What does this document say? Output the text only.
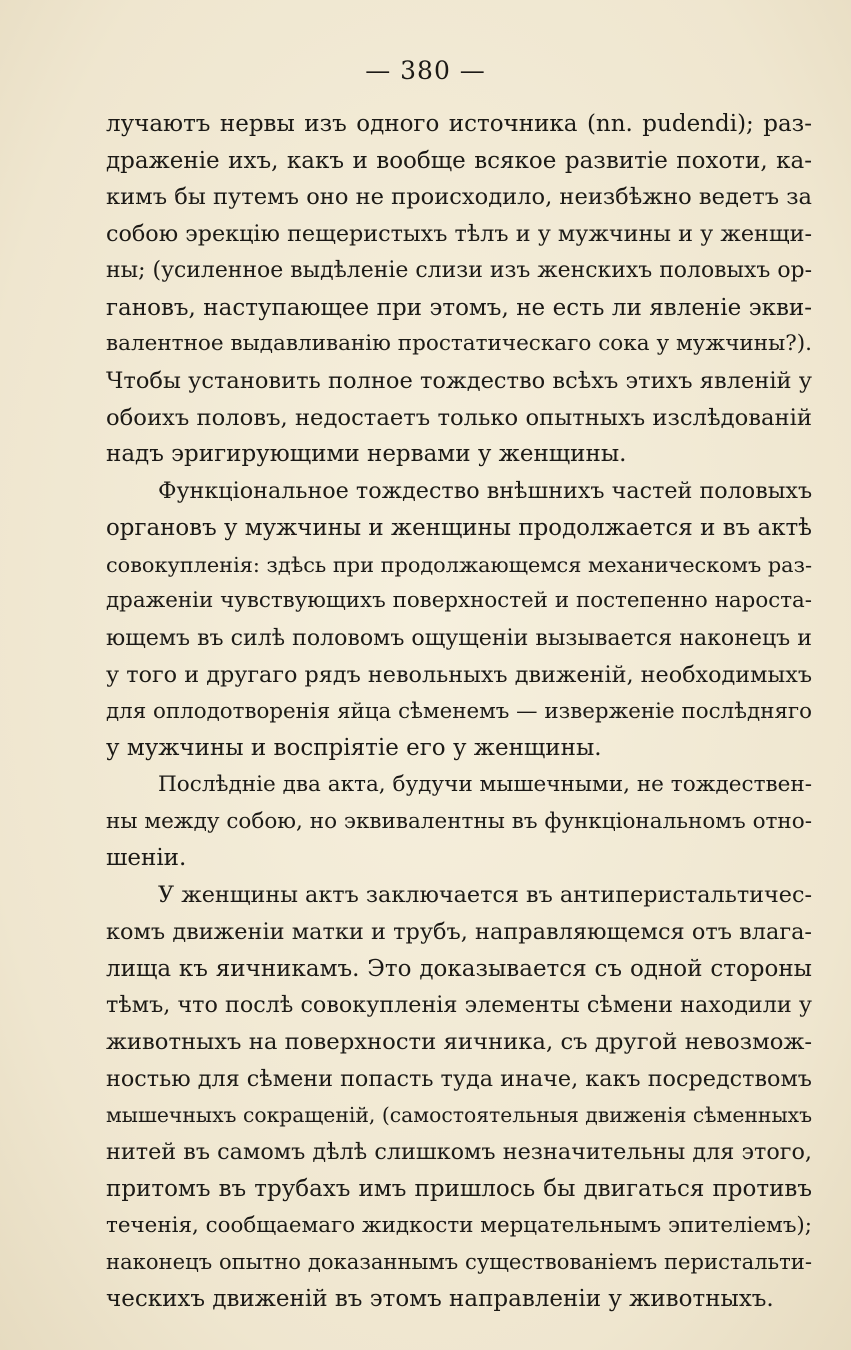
— 380 —
лучаютъ нервы изъ одного источника (nn. pudendi); раз-
драженіе ихъ, какъ и вообще всякое развитіе похоти, ка-
кимъ бы путемъ оно не происходило, неизбѣжно ведетъ за
собою эрекцію пещеристыхъ тѣлъ и у мужчины и у женщи-
ны; (усиленное выдѣленіе слизи изъ женскихъ половыхъ ор-
гановъ, наступающее при этомъ, не есть ли явленіе экви-
валентное выдавливанію простатическаго сока у мужчины?).
Чтобы установить полное тождество всѣхъ этихъ явленій у
обоихъ половъ, недостаетъ только опытныхъ изслѣдованій
надъ эригирующими нервами у женщины.
Функціональное тождество внѣшнихъ частей половыхъ
органовъ у мужчины и женщины продолжается и въ актѣ
совокупленія: здѣсь при продолжающемся механическомъ раз-
драженіи чувствующихъ поверхностей и постепенно нароста-
ющемъ въ силѣ половомъ ощущеніи вызывается наконецъ и
у того и другаго рядъ невольныхъ движеній, необходимыхъ
для оплодотворенія яйца сѣменемъ — изверженіе послѣдняго
у мужчины и воспріятіе его у женщины.
Послѣдніе два акта, будучи мышечными, не тождествен-
ны между собою, но эквивалентны въ функціональномъ отно-
шеніи.
У женщины актъ заключается въ антиперистальтичес-
комъ движеніи матки и трубъ, направляющемся отъ влага-
лища къ яичникамъ. Это доказывается съ одной стороны
тѣмъ, что послѣ совокупленія элементы сѣмени находили у
животныхъ на поверхности яичника, съ другой невозмож-
ностью для сѣмени попасть туда иначе, какъ посредствомъ
мышечныхъ сокращеній, (самостоятельныя движенія сѣменныхъ
нитей въ самомъ дѣлѣ слишкомъ незначительны для этого,
притомъ въ трубахъ имъ пришлось бы двигаться противъ
теченія, сообщаемаго жидкости мерцательнымъ эпителіемъ);
наконецъ опытно доказаннымъ существованіемъ перистальти-
ческихъ движеній въ этомъ направленіи у животныхъ.
